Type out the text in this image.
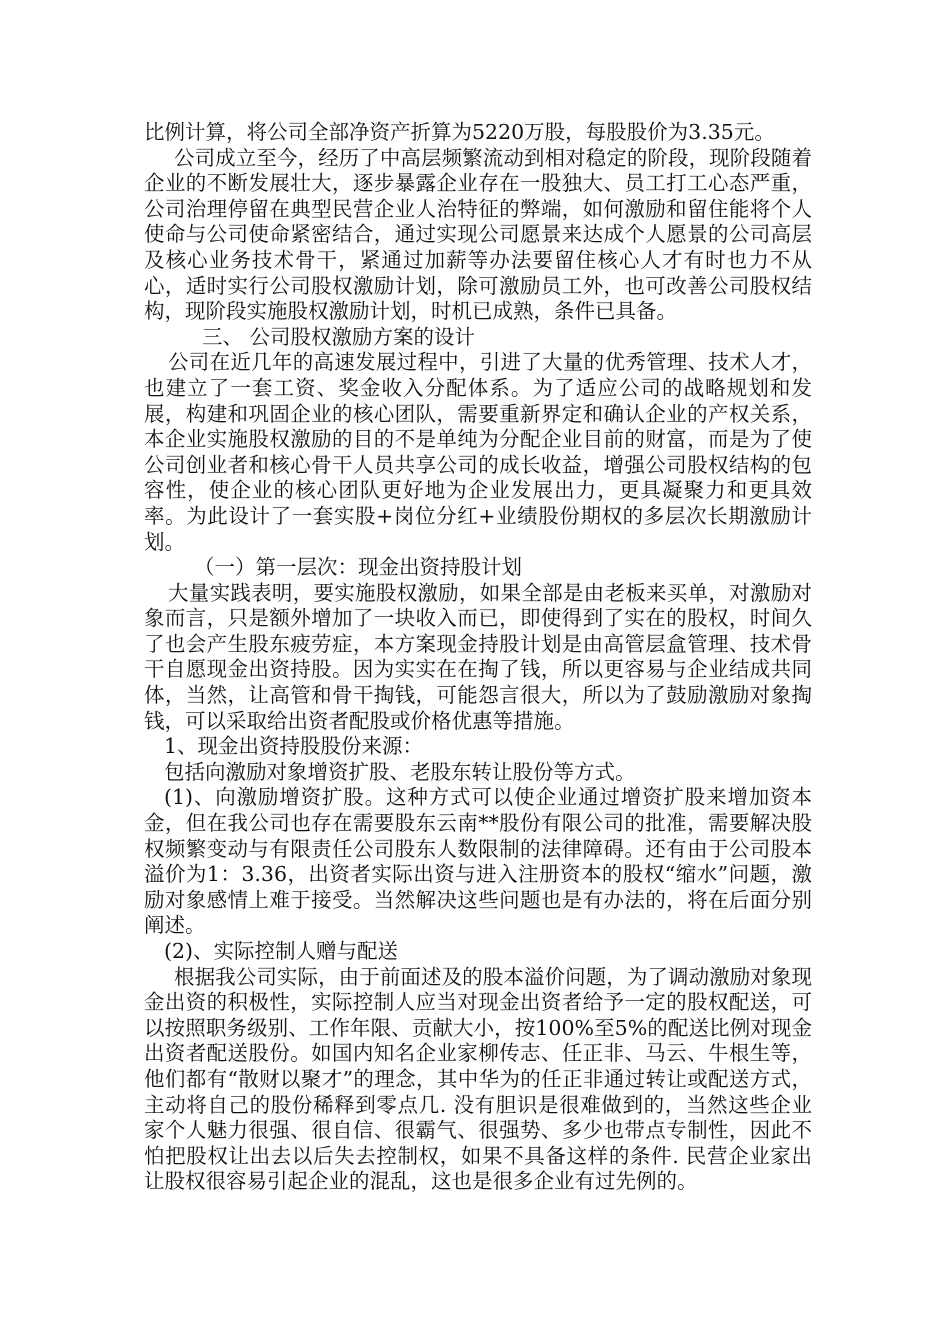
比例计算，将公司全部净资产折算为5220万股，每股股价为3.35元。

公司成立至今，经历了中高层频繁流动到相对稳定的阶段，现阶段随着企业的不断发展壮大，逐步暴露企业存在一股独大、员工打工心态严重，公司治理停留在典型民营企业人治特征的弊端，如何激励和留住能将个人使命与公司使命紧密结合，通过实现公司愿景来达成个人愿景的公司高层及核心业务技术骨干，紧通过加薪等办法要留住核心人才有时也力不从心，适时实行公司股权激励计划，除可激励员工外，也可改善公司股权结构，现阶段实施股权激励计划，时机已成熟，条件已具备。

三、 公司股权激励方案的设计

公司在近几年的高速发展过程中，引进了大量的优秀管理、技术人才，也建立了一套工资、奖金收入分配体系。为了适应公司的战略规划和发展，构建和巩固企业的核心团队，需要重新界定和确认企业的产权关系，本企业实施股权激励的目的不是单纯为分配企业目前的财富，而是为了使公司创业者和核心骨干人员共享公司的成长收益，增强公司股权结构的包容性，使企业的核心团队更好地为企业发展出力，更具凝聚力和更具效率。为此设计了一套实股+岗位分红+业绩股份期权的多层次长期激励计划。

（一）第一层次：现金出资持股计划

大量实践表明，要实施股权激励，如果全部是由老板来买单，对激励对象而言，只是额外增加了一块收入而已，即使得到了实在的股权，时间久了也会产生股东疲劳症，本方案现金持股计划是由高管层盒管理、技术骨干自愿现金出资持股。因为实实在在掏了钱，所以更容易与企业结成共同体，当然，让高管和骨干掏钱，可能怨言很大，所以为了鼓励激励对象掏钱，可以采取给出资者配股或价格优惠等措施。

1、现金出资持股股份来源：

包括向激励对象增资扩股、老股东转让股份等方式。

(1)、向激励增资扩股。这种方式可以使企业通过增资扩股来增加资本金，但在我公司也存在需要股东云南**股份有限公司的批准，需要解决股权频繁变动与有限责任公司股东人数限制的法律障碍。还有由于公司股本溢价为1：3.36，出资者实际出资与进入注册资本的股权“缩水”问题，激励对象感情上难于接受。当然解决这些问题也是有办法的，将在后面分别阐述。

(2)、实际控制人赠与配送

根据我公司实际，由于前面述及的股本溢价问题，为了调动激励对象现金出资的积极性，实际控制人应当对现金出资者给予一定的股权配送，可以按照职务级别、工作年限、贡献大小，按100%至5%的配送比例对现金出资者配送股份。如国内知名企业家柳传志、任正非、马云、牛根生等，他们都有“散财以聚才”的理念，其中华为的任正非通过转让或配送方式，主动将自己的股份稀释到零点几. 没有胆识是很难做到的，当然这些企业家个人魅力很强、很自信、很霸气、很强势、多少也带点专制性，因此不怕把股权让出去以后失去控制权，如果不具备这样的条件. 民营企业家出让股权很容易引起企业的混乱，这也是很多企业有过先例的。
